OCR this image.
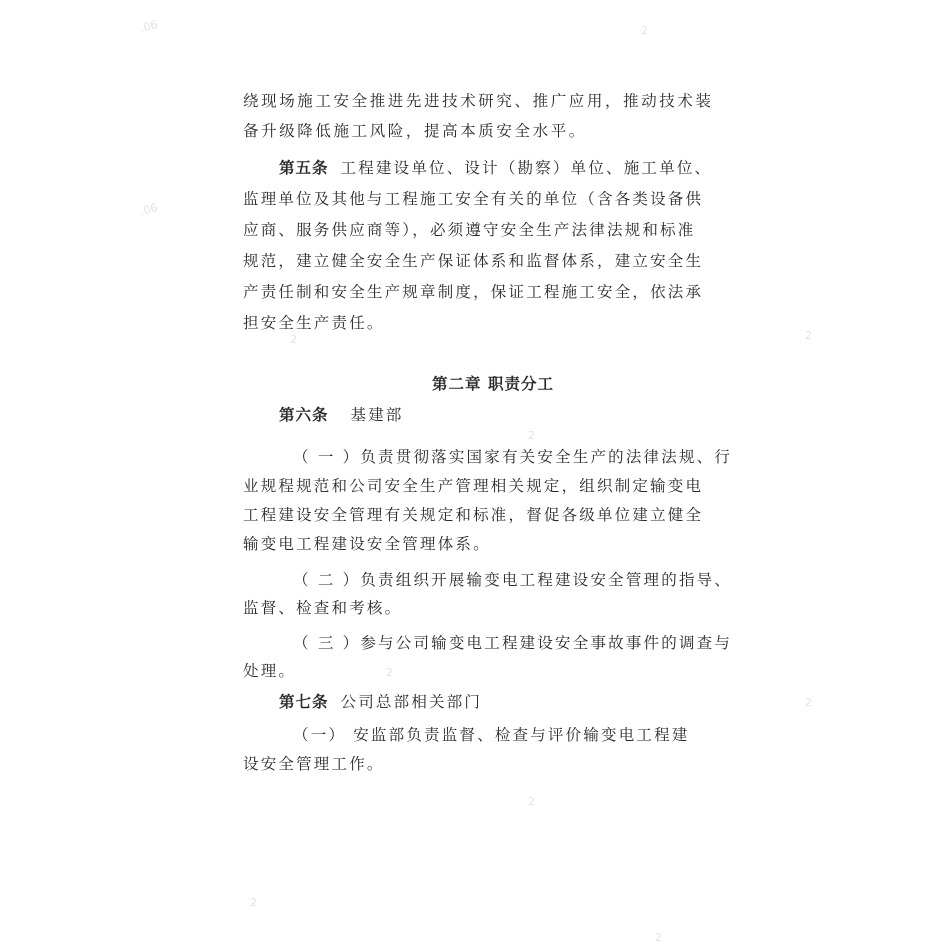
.06	2
.06
2	2
2
2
2
2
2
2
绕现场施工安全推进先进技术研究、推广应用，推动技术装
备升级降低施工风险，提高本质安全水平。
第五条 工程建设单位、设计（勘察）单位、施工单位、
监理单位及其他与工程施工安全有关的单位（含各类设备供
应商、服务供应商等），必须遵守安全生产法律法规和标准
规范，建立健全安全生产保证体系和监督体系，建立安全生
产责任制和安全生产规章制度，保证工程施工安全，依法承
担安全生产责任。
第二章 职责分工
第六条 基建部
（ 一 ）负责贯彻落实国家有关安全生产的法律法规、行
业规程规范和公司安全生产管理相关规定，组织制定输变电
工程建设安全管理有关规定和标准，督促各级单位建立健全
输变电工程建设安全管理体系。
（ 二 ）负责组织开展输变电工程建设安全管理的指导、
监督、检查和考核。
（ 三 ）参与公司输变电工程建设安全事故事件的调查与
处理。
第七条 公司总部相关部门
（一） 安监部负责监督、检查与评价输变电工程建
设安全管理工作。
